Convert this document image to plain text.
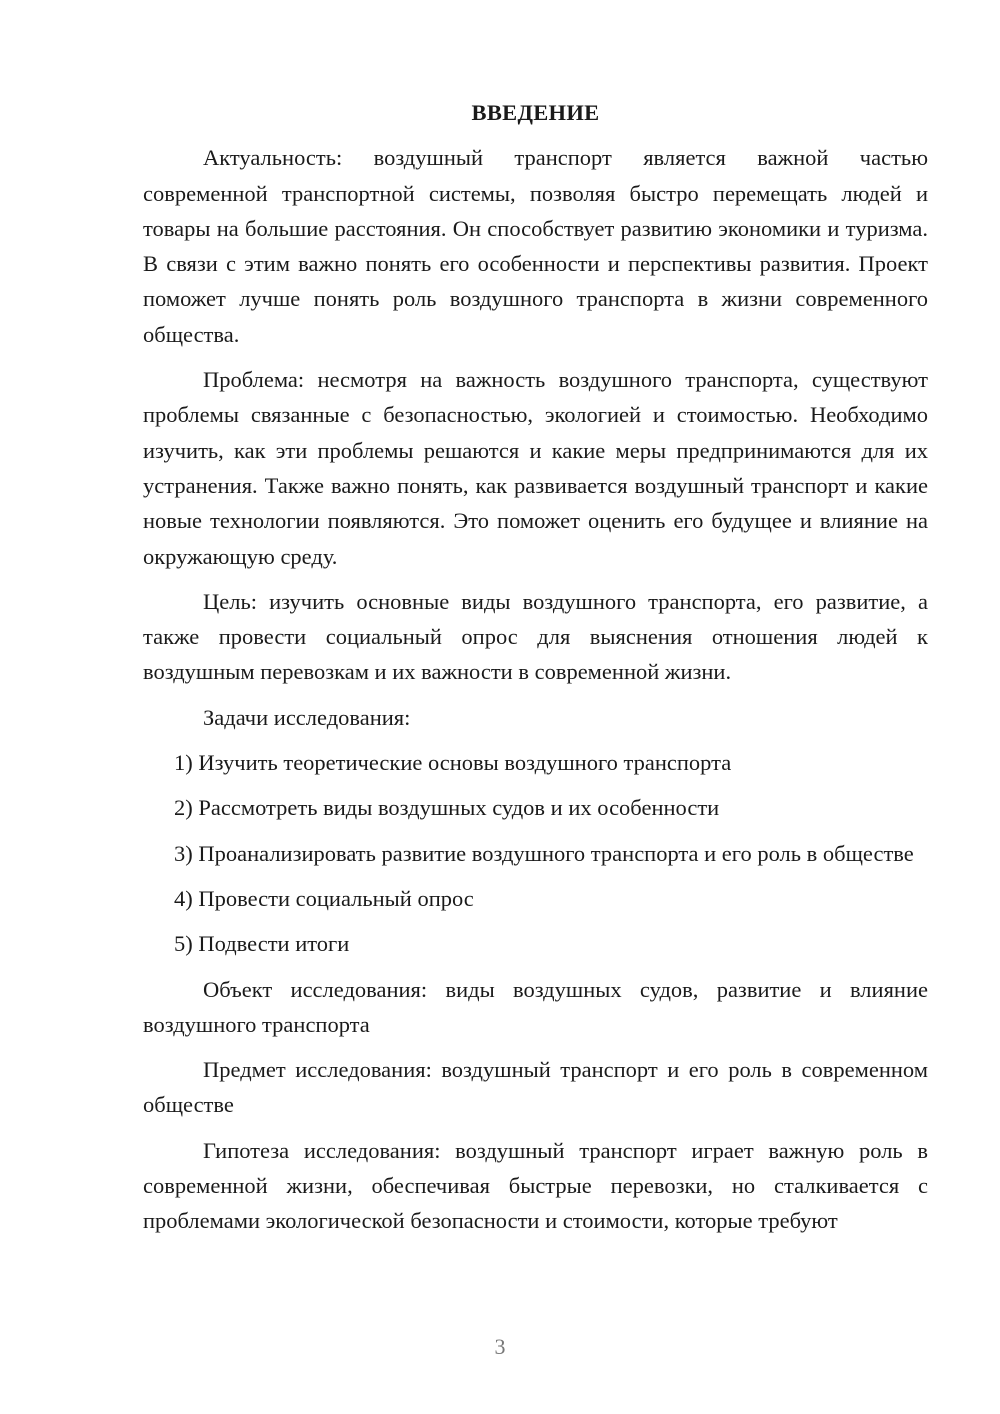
ВВЕДЕНИЕ

Актуальность: воздушный транспорт является важной частью современной транспортной системы, позволяя быстро перемещать людей и товары на большие расстояния. Он способствует развитию экономики и туризма. В связи с этим важно понять его особенности и перспективы развития. Проект поможет лучше понять роль воздушного транспорта в жизни современного общества.

Проблема: несмотря на важность воздушного транспорта, существуют проблемы связанные с безопасностью, экологией и стоимостью. Необходимо изучить, как эти проблемы решаются и какие меры предпринимаются для их устранения. Также важно понять, как развивается воздушный транспорт и какие новые технологии появляются. Это поможет оценить его будущее и влияние на окружающую среду.

Цель: изучить основные виды воздушного транспорта, его развитие, а также провести социальный опрос для выяснения отношения людей к воздушным перевозкам и их важности в современной жизни.

Задачи исследования:

1) Изучить теоретические основы воздушного транспорта

2) Рассмотреть виды воздушных судов и их особенности

3) Проанализировать развитие воздушного транспорта и его роль в обществе

4) Провести социальный опрос

5) Подвести итоги

Объект исследования: виды воздушных судов, развитие и влияние воздушного транспорта

Предмет исследования: воздушный транспорт и его роль в современном обществе

Гипотеза исследования: воздушный транспорт играет важную роль в современной жизни, обеспечивая быстрые перевозки, но сталкивается с проблемами экологической безопасности и стоимости, которые требуют

3
